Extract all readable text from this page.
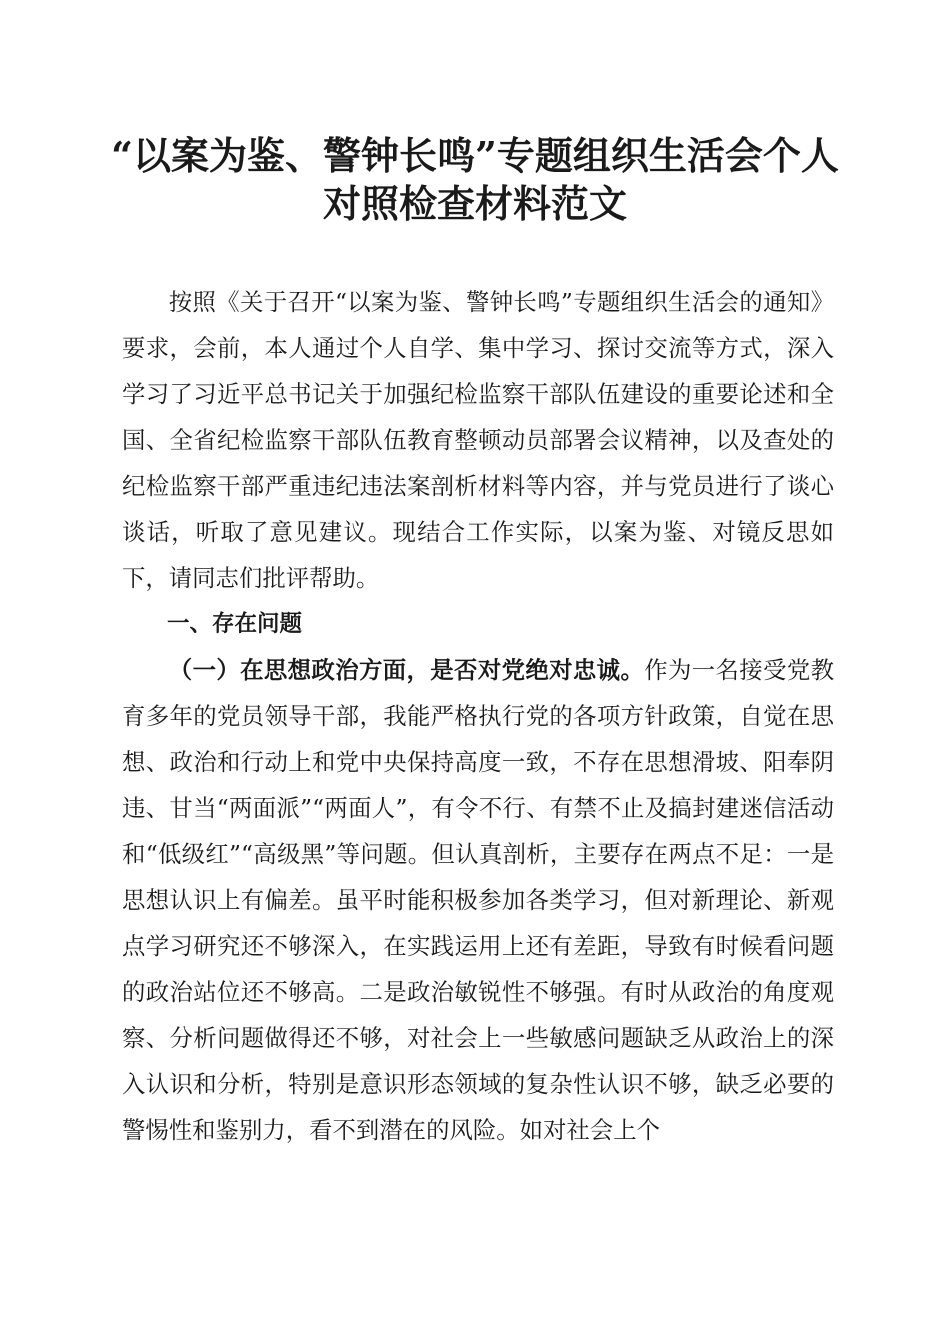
“以案为鉴、警钟长鸣”专题组织生活会个人
对照检查材料范文

按照《关于召开“以案为鉴、警钟长鸣”专题组织生活会的通知》要求，会前，本人通过个人自学、集中学习、探讨交流等方式，深入学习了习近平总书记关于加强纪检监察干部队伍建设的重要论述和全国、全省纪检监察干部队伍教育整顿动员部署会议精神，以及查处的纪检监察干部严重违纪违法案剖析材料等内容，并与党员进行了谈心谈话，听取了意见建议。现结合工作实际，以案为鉴、对镜反思如下，请同志们批评帮助。

一、存在问题

（一）在思想政治方面，是否对党绝对忠诚。作为一名接受党教育多年的党员领导干部，我能严格执行党的各项方针政策，自觉在思想、政治和行动上和党中央保持高度一致，不存在思想滑坡、阳奉阴违、甘当“两面派”“两面人”，有令不行、有禁不止及搞封建迷信活动和“低级红”“高级黑”等问题。但认真剖析，主要存在两点不足：一是思想认识上有偏差。虽平时能积极参加各类学习，但对新理论、新观点学习研究还不够深入，在实践运用上还有差距，导致有时候看问题的政治站位还不够高。二是政治敏锐性不够强。有时从政治的角度观察、分析问题做得还不够，对社会上一些敏感问题缺乏从政治上的深入认识和分析，特别是意识形态领域的复杂性认识不够，缺乏必要的警惕性和鉴别力，看不到潜在的风险。如对社会上个
